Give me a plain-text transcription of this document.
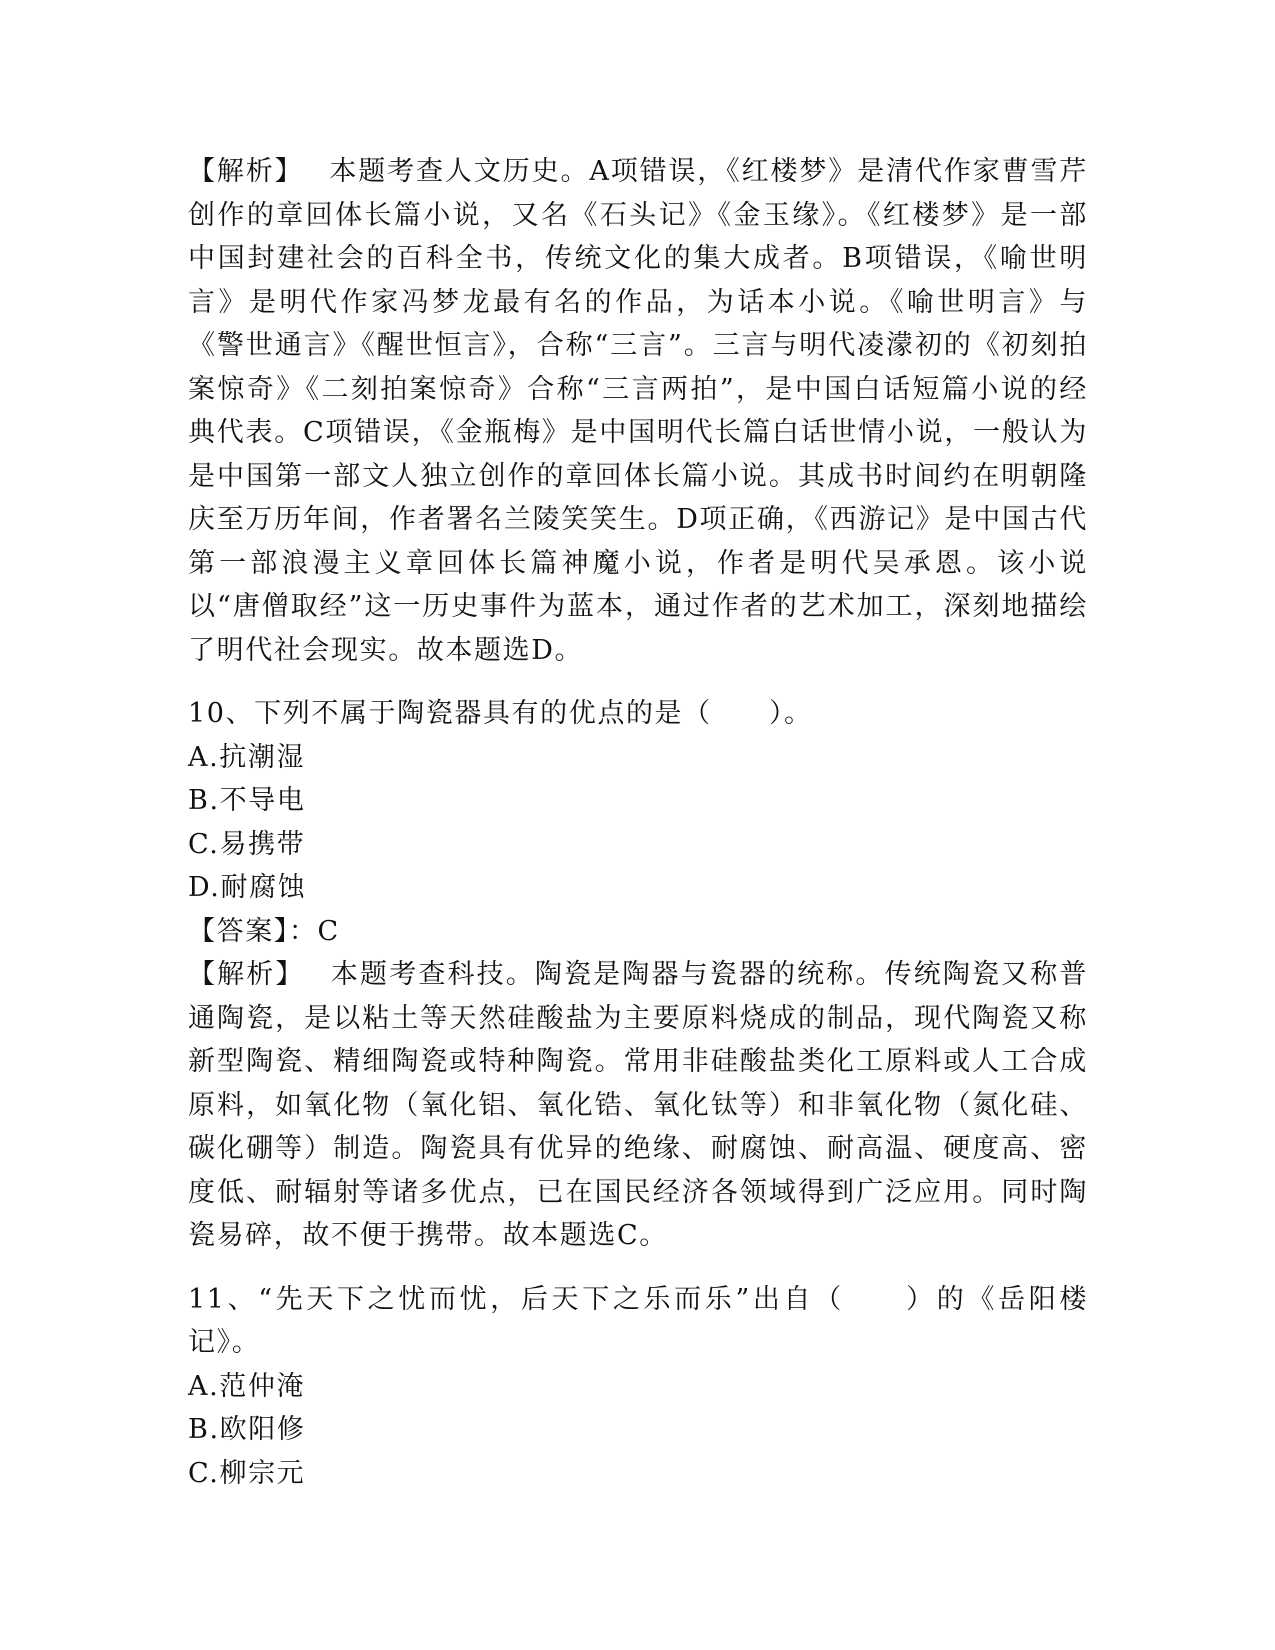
【解析】　 本题考查人文历史。A项错误，《红楼梦》是清代作家曹雪芹创作的章回体长篇小说，又名《石头记》《金玉缘》。《红楼梦》是一部中国封建社会的百科全书，传统文化的集大成者。B项错误，《喻世明言》是明代作家冯梦龙最有名的作品，为话本小说。《喻世明言》与《警世通言》《醒世恒言》，合称“三言”。三言与明代凌濛初的《初刻拍案惊奇》《二刻拍案惊奇》合称“三言两拍”，是中国白话短篇小说的经典代表。C项错误，《金瓶梅》是中国明代长篇白话世情小说，一般认为是中国第一部文人独立创作的章回体长篇小说。其成书时间约在明朝隆庆至万历年间，作者署名兰陵笑笑生。D项正确，《西游记》是中国古代第一部浪漫主义章回体长篇神魔小说，作者是明代吴承恩。该小说以“唐僧取经”这一历史事件为蓝本，通过作者的艺术加工，深刻地描绘了明代社会现实。故本题选D。

10、下列不属于陶瓷器具有的优点的是（　　）。

A.抗潮湿

B.不导电

C.易携带

D.耐腐蚀

【答案】：C

【解析】　 本题考查科技。陶瓷是陶器与瓷器的统称。传统陶瓷又称普通陶瓷，是以粘土等天然硅酸盐为主要原料烧成的制品，现代陶瓷又称新型陶瓷、精细陶瓷或特种陶瓷。常用非硅酸盐类化工原料或人工合成原料，如氧化物（氧化铝、氧化锆、氧化钛等）和非氧化物（氮化硅、碳化硼等）制造。陶瓷具有优异的绝缘、耐腐蚀、耐高温、硬度高、密度低、耐辐射等诸多优点，已在国民经济各领域得到广泛应用。同时陶瓷易碎，故不便于携带。故本题选C。

11、“先天下之忧而忧，后天下之乐而乐”出自（　　）的《岳阳楼记》。

A.范仲淹

B.欧阳修

C.柳宗元
